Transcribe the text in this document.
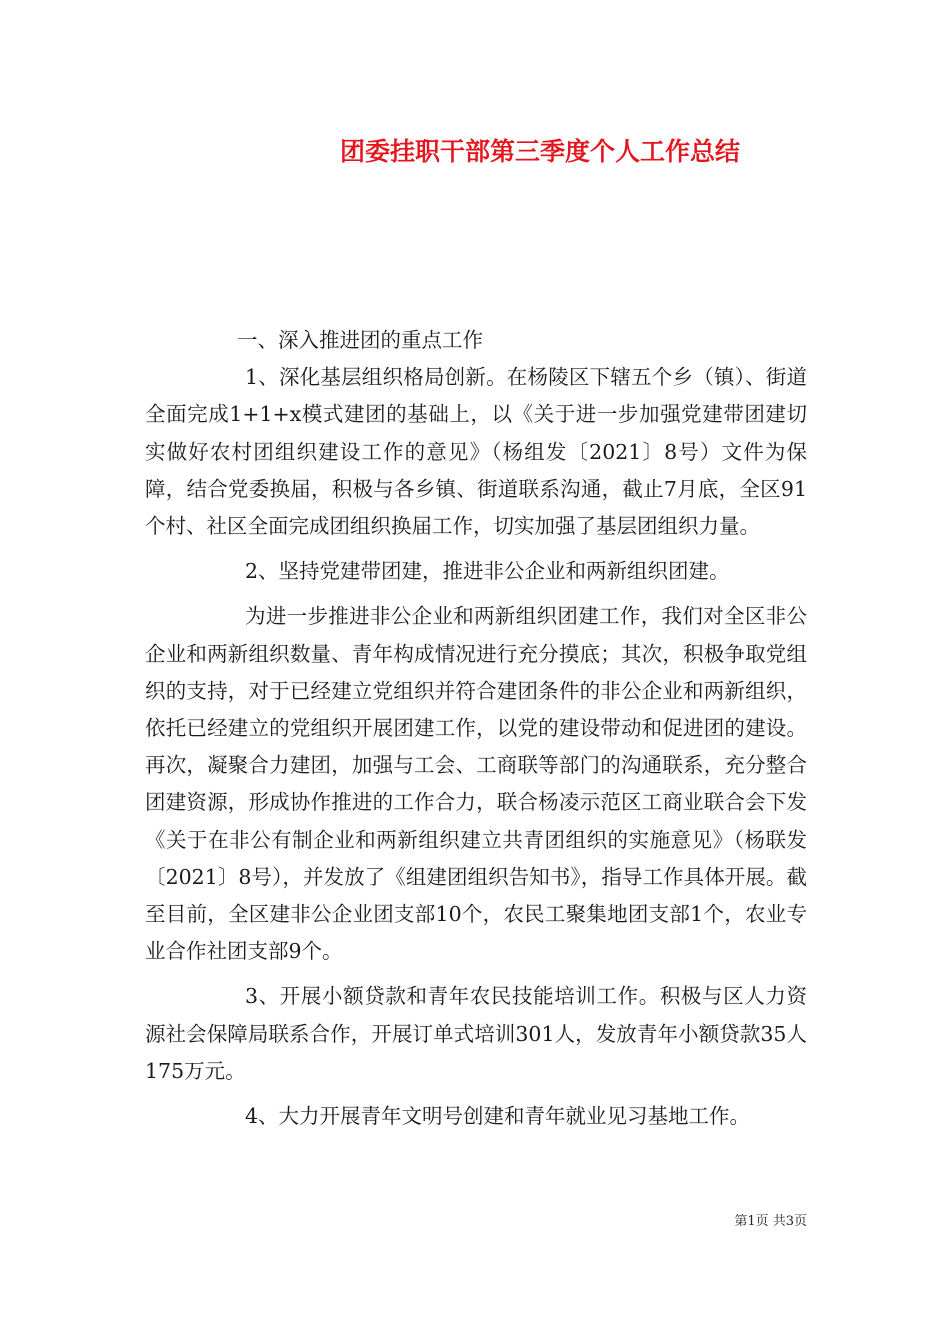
团委挂职干部第三季度个人工作总结

一、深入推进团的重点工作

1、深化基层组织格局创新。在杨陵区下辖五个乡（镇）、街道全面完成1+1+x模式建团的基础上，以《关于进一步加强党建带团建切实做好农村团组织建设工作的意见》（杨组发〔2021〕8号）文件为保障，结合党委换届，积极与各乡镇、街道联系沟通，截止7月底，全区91个村、社区全面完成团组织换届工作，切实加强了基层团组织力量。

2、坚持党建带团建，推进非公企业和两新组织团建。

为进一步推进非公企业和两新组织团建工作，我们对全区非公企业和两新组织数量、青年构成情况进行充分摸底；其次，积极争取党组织的支持，对于已经建立党组织并符合建团条件的非公企业和两新组织，依托已经建立的党组织开展团建工作，以党的建设带动和促进团的建设。再次，凝聚合力建团，加强与工会、工商联等部门的沟通联系，充分整合团建资源，形成协作推进的工作合力，联合杨凌示范区工商业联合会下发《关于在非公有制企业和两新组织建立共青团组织的实施意见》（杨联发〔2021〕8号），并发放了《组建团组织告知书》，指导工作具体开展。截至目前，全区建非公企业团支部10个，农民工聚集地团支部1个，农业专业合作社团支部9个。

3、开展小额贷款和青年农民技能培训工作。积极与区人力资源社会保障局联系合作，开展订单式培训301人，发放青年小额贷款35人175万元。

4、大力开展青年文明号创建和青年就业见习基地工作。

第1页 共3页
